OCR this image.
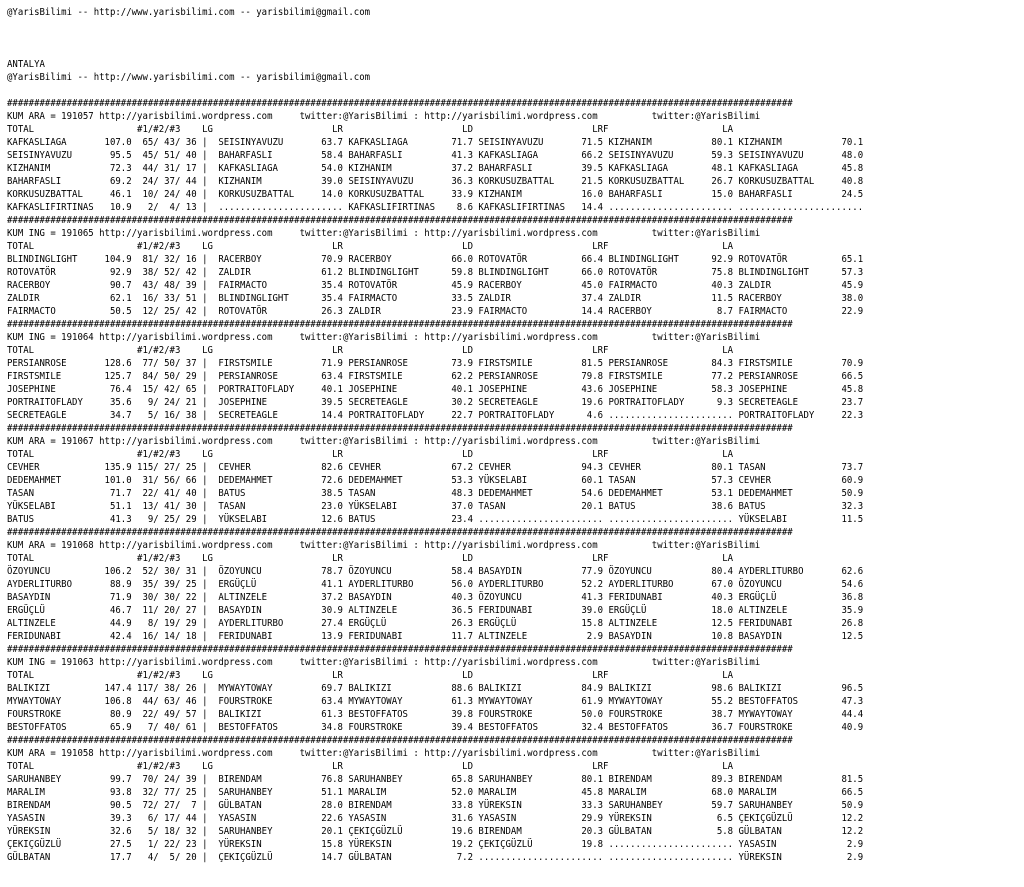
@YarisBilimi -- http://www.yarisbilimi.com -- yarisbilimi@gmail.com
ANTALYA
@YarisBilimi -- http://www.yarisbilimi.com -- yarisbilimi@gmail.com
#################################################################################################################################################
KUM ARA = 191057 http://yarisbilimi.wordpress.com     twitter:@YarisBilimi : http://yarisbilimi.wordpress.com          twitter:@YarisBilimi
TOTAL                   #1/#2/#3    LG                      LR                      LD                      LRF                     LA
KAFKASLIAGA       107.0  65/ 43/ 36 |  SEISINYAVUZU       63.7 KAFKASLIAGA        71.7 SEISINYAVUZU       71.5 KIZHANIM           80.1 KIZHANIM           70.1
SEISINYAVUZU       95.5  45/ 51/ 40 |  BAHARFASLI         58.4 BAHARFASLI         41.3 KAFKASLIAGA        66.2 SEISINYAVUZU       59.3 SEISINYAVUZU       48.0
KIZHANIM           72.3  44/ 31/ 17 |  KAFKASLIAGA        54.0 KIZHANIM           37.2 BAHARFASLI         39.5 KAFKASLIAGA        48.1 KAFKASLIAGA        45.8
BAHARFASLI         69.2  24/ 37/ 44 |  KIZHANIM           39.0 SEISINYAVUZU       36.3 KORKUSUZBATTAL     21.5 KORKUSUZBATTAL     26.7 KORKUSUZBATTAL     40.8
KORKUSUZBATTAL     46.1  10/ 24/ 40 |  KORKUSUZBATTAL     14.0 KORKUSUZBATTAL     33.9 KIZHANIM           16.0 BAHARFASLI         15.0 BAHARFASLI         24.5
KAFKASLIFIRTINAS   10.9   2/  4/ 13 |  ....................... KAFKASLIFIRTINAS    8.6 KAFKASLIFIRTINAS   14.4 ....................... .......................
#################################################################################################################################################
KUM ING = 191065 http://yarisbilimi.wordpress.com     twitter:@YarisBilimi : http://yarisbilimi.wordpress.com          twitter:@YarisBilimi
TOTAL                   #1/#2/#3    LG                      LR                      LD                      LRF                     LA
BLINDINGLIGHT     104.9  81/ 32/ 16 |  RACERBOY           70.9 RACERBOY           66.0 ROTOVATÖR          66.4 BLINDINGLIGHT      92.9 ROTOVATÖR          65.1
ROTOVATÖR          92.9  38/ 52/ 42 |  ZALDIR             61.2 BLINDINGLIGHT      59.8 BLINDINGLIGHT      66.0 ROTOVATÖR          75.8 BLINDINGLIGHT      57.3
RACERBOY           90.7  43/ 48/ 39 |  FAIRMACTO          35.4 ROTOVATÖR          45.9 RACERBOY           45.0 FAIRMACTO          40.3 ZALDIR             45.9
ZALDIR             62.1  16/ 33/ 51 |  BLINDINGLIGHT      35.4 FAIRMACTO          33.5 ZALDIR             37.4 ZALDIR             11.5 RACERBOY           38.0
FAIRMACTO          50.5  12/ 25/ 42 |  ROTOVATÖR          26.3 ZALDIR             23.9 FAIRMACTO          14.4 RACERBOY            8.7 FAIRMACTO          22.9
#################################################################################################################################################
KUM ING = 191064 http://yarisbilimi.wordpress.com     twitter:@YarisBilimi : http://yarisbilimi.wordpress.com          twitter:@YarisBilimi
TOTAL                   #1/#2/#3    LG                      LR                      LD                      LRF                     LA
PERSIANROSE       128.6  77/ 50/ 37 |  FIRSTSMILE         71.9 PERSIANROSE        73.9 FIRSTSMILE         81.5 PERSIANROSE        84.3 FIRSTSMILE         70.9
FIRSTSMILE        125.7  84/ 50/ 29 |  PERSIANROSE        63.4 FIRSTSMILE         62.2 PERSIANROSE        79.8 FIRSTSMILE         77.2 PERSIANROSE        66.5
JOSEPHINE          76.4  15/ 42/ 65 |  PORTRAITOFLADY     40.1 JOSEPHINE          40.1 JOSEPHINE          43.6 JOSEPHINE          58.3 JOSEPHINE          45.8
PORTRAITOFLADY     35.6   9/ 24/ 21 |  JOSEPHINE          39.5 SECRETEAGLE        30.2 SECRETEAGLE        19.6 PORTRAITOFLADY      9.3 SECRETEAGLE        23.7
SECRETEAGLE        34.7   5/ 16/ 38 |  SECRETEAGLE        14.4 PORTRAITOFLADY     22.7 PORTRAITOFLADY      4.6 ....................... PORTRAITOFLADY     22.3
#################################################################################################################################################
KUM ARA = 191067 http://yarisbilimi.wordpress.com     twitter:@YarisBilimi : http://yarisbilimi.wordpress.com          twitter:@YarisBilimi
TOTAL                   #1/#2/#3    LG                      LR                      LD                      LRF                     LA
CEVHER            135.9 115/ 27/ 25 |  CEVHER             82.6 CEVHER             67.2 CEVHER             94.3 CEVHER             80.1 TASAN              73.7
DEDEMAHMET        101.0  31/ 56/ 66 |  DEDEMAHMET         72.6 DEDEMAHMET         53.3 YÜKSELABI          60.1 TASAN              57.3 CEVHER             60.9
TASAN              71.7  22/ 41/ 40 |  BATUS              38.5 TASAN              48.3 DEDEMAHMET         54.6 DEDEMAHMET         53.1 DEDEMAHMET         50.9
YÜKSELABI          51.1  13/ 41/ 30 |  TASAN              23.0 YÜKSELABI          37.0 TASAN              20.1 BATUS              38.6 BATUS              32.3
BATUS              41.3   9/ 25/ 29 |  YÜKSELABI          12.6 BATUS              23.4 ....................... ....................... YÜKSELABI          11.5
#################################################################################################################################################
KUM ARA = 191068 http://yarisbilimi.wordpress.com     twitter:@YarisBilimi : http://yarisbilimi.wordpress.com          twitter:@YarisBilimi
TOTAL                   #1/#2/#3    LG                      LR                      LD                      LRF                     LA
ÖZOYUNCU          106.2  52/ 30/ 31 |  ÖZOYUNCU           78.7 ÖZOYUNCU           58.4 BASAYDIN           77.9 ÖZOYUNCU           80.4 AYDERLITURBO       62.6
AYDERLITURBO       88.9  35/ 39/ 25 |  ERGÜÇLÜ            41.1 AYDERLITURBO       56.0 AYDERLITURBO       52.2 AYDERLITURBO       67.0 ÖZOYUNCU           54.6
BASAYDIN           71.9  30/ 30/ 22 |  ALTINZELE          37.2 BASAYDIN           40.3 ÖZOYUNCU           41.3 FERIDUNABI         40.3 ERGÜÇLÜ            36.8
ERGÜÇLÜ            46.7  11/ 20/ 27 |  BASAYDIN           30.9 ALTINZELE          36.5 FERIDUNABI         39.0 ERGÜÇLÜ            18.0 ALTINZELE          35.9
ALTINZELE          44.9   8/ 19/ 29 |  AYDERLITURBO       27.4 ERGÜÇLÜ            26.3 ERGÜÇLÜ            15.8 ALTINZELE          12.5 FERIDUNABI         26.8
FERIDUNABI         42.4  16/ 14/ 18 |  FERIDUNABI         13.9 FERIDUNABI         11.7 ALTINZELE           2.9 BASAYDIN           10.8 BASAYDIN           12.5
#################################################################################################################################################
KUM ING = 191063 http://yarisbilimi.wordpress.com     twitter:@YarisBilimi : http://yarisbilimi.wordpress.com          twitter:@YarisBilimi
TOTAL                   #1/#2/#3    LG                      LR                      LD                      LRF                     LA
BALIKIZI          147.4 117/ 38/ 26 |  MYWAYTOWAY         69.7 BALIKIZI           88.6 BALIKIZI           84.9 BALIKIZI           98.6 BALIKIZI           96.5
MYWAYTOWAY        106.8  44/ 63/ 46 |  FOURSTROKE         63.4 MYWAYTOWAY         61.3 MYWAYTOWAY         61.9 MYWAYTOWAY         55.2 BESTOFFATOS        47.3
FOURSTROKE         80.9  22/ 49/ 57 |  BALIKIZI           61.3 BESTOFFATOS        39.8 FOURSTROKE         50.0 FOURSTROKE         38.7 MYWAYTOWAY         44.4
BESTOFFATOS        65.9   7/ 40/ 61 |  BESTOFFATOS        34.8 FOURSTROKE         39.4 BESTOFFATOS        32.4 BESTOFFATOS        36.7 FOURSTROKE         40.9
#################################################################################################################################################
KUM ARA = 191058 http://yarisbilimi.wordpress.com     twitter:@YarisBilimi : http://yarisbilimi.wordpress.com          twitter:@YarisBilimi
TOTAL                   #1/#2/#3    LG                      LR                      LD                      LRF                     LA
SARUHANBEY         99.7  70/ 24/ 39 |  BIRENDAM           76.8 SARUHANBEY         65.8 SARUHANBEY         80.1 BIRENDAM           89.3 BIRENDAM           81.5
MARALIM            93.8  32/ 77/ 25 |  SARUHANBEY         51.1 MARALIM            52.0 MARALIM            45.8 MARALIM            68.0 MARALIM            66.5
BIRENDAM           90.5  72/ 27/  7 |  GÜLBATAN           28.0 BIRENDAM           33.8 YÜREKSIN           33.3 SARUHANBEY         59.7 SARUHANBEY         50.9
YASASIN            39.3   6/ 17/ 44 |  YASASIN            22.6 YASASIN            31.6 YASASIN            29.9 YÜREKSIN            6.5 ÇEKIÇGÜZLÜ         12.2
YÜREKSIN           32.6   5/ 18/ 32 |  SARUHANBEY         20.1 ÇEKIÇGÜZLÜ         19.6 BIRENDAM           20.3 GÜLBATAN            5.8 GÜLBATAN           12.2
ÇEKIÇGÜZLÜ         27.5   1/ 22/ 23 |  YÜREKSIN           15.8 YÜREKSIN           19.2 ÇEKIÇGÜZLÜ         19.8 ....................... YASASIN             2.9
GÜLBATAN           17.7   4/  5/ 20 |  ÇEKIÇGÜZLÜ         14.7 GÜLBATAN            7.2 ....................... ....................... YÜREKSIN            2.9
